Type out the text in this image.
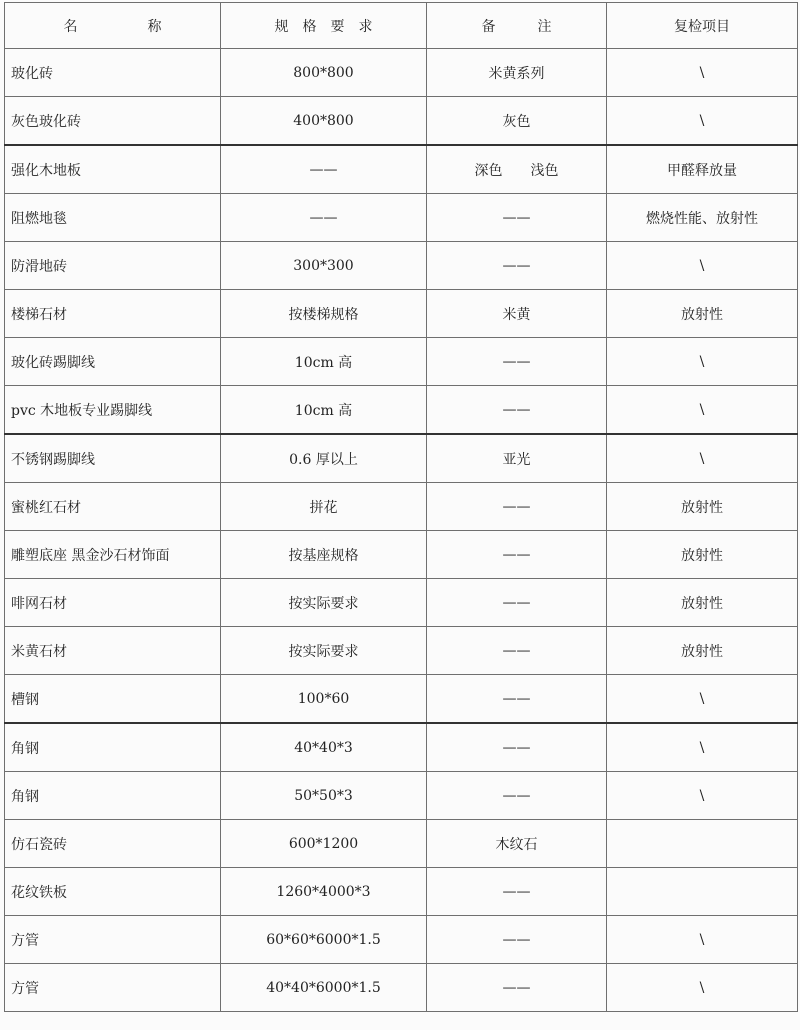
名　　　　　称	规　格　要　求	备　　　注	复检项目
玻化砖	800*800	米黄系列	\
灰色玻化砖	400*800	灰色	\
强化木地板	——	深色　　浅色	甲醛释放量
阻燃地毯	——	——	燃烧性能、放射性
防滑地砖	300*300	——	\
楼梯石材	按楼梯规格	米黄	放射性
玻化砖踢脚线	10cm 高	——	\
pvc 木地板专业踢脚线	10cm 高	——	\
不锈钢踢脚线	0.6 厚以上	亚光	\
蜜桃红石材	拼花	——	放射性
雕塑底座 黑金沙石材饰面	按基座规格	——	放射性
啡网石材	按实际要求	——	放射性
米黄石材	按实际要求	——	放射性
槽钢	100*60	——	\
角钢	40*40*3	——	\
角钢	50*50*3	——	\
仿石瓷砖	600*1200	木纹石	
花纹铁板	1260*4000*3	——	
方管	60*60*6000*1.5	——	\
方管	40*40*6000*1.5	——	\
